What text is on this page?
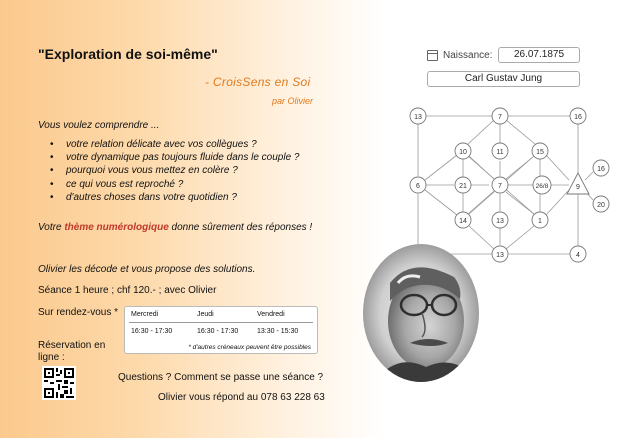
"Exploration de soi-même"
- CroisSens en Soi
par Olivier
Vous voulez comprendre ...
• votre relation délicate avec vos collègues ?
• votre dynamique pas toujours fluide dans le couple ?
• pourquoi vous vous mettez en colère ?
• ce qui vous est reproché ?
• d'autres choses dans votre quotidien ?
Votre thème numérologique donne sûrement des réponses !
Olivier les décode et vous propose des solutions.
Séance 1 heure ; chf 120.- ; avec Olivier
Sur rendez-vous *
Réservation en ligne :
Mercredi	Jeudi	Vendredi
16:30 - 17:30	16:30 - 17:30	13:30 - 15:30
* d'autres créneaux peuvent être possibles
Questions ? Comment se passe une séance ?
Olivier vous répond au 078 63 228 63
Naissance:	26.07.1875
Carl Gustav Jung
13	7	16
10	11	15
6	21	7	26/8	9
16
14	13	1
20
13	4
